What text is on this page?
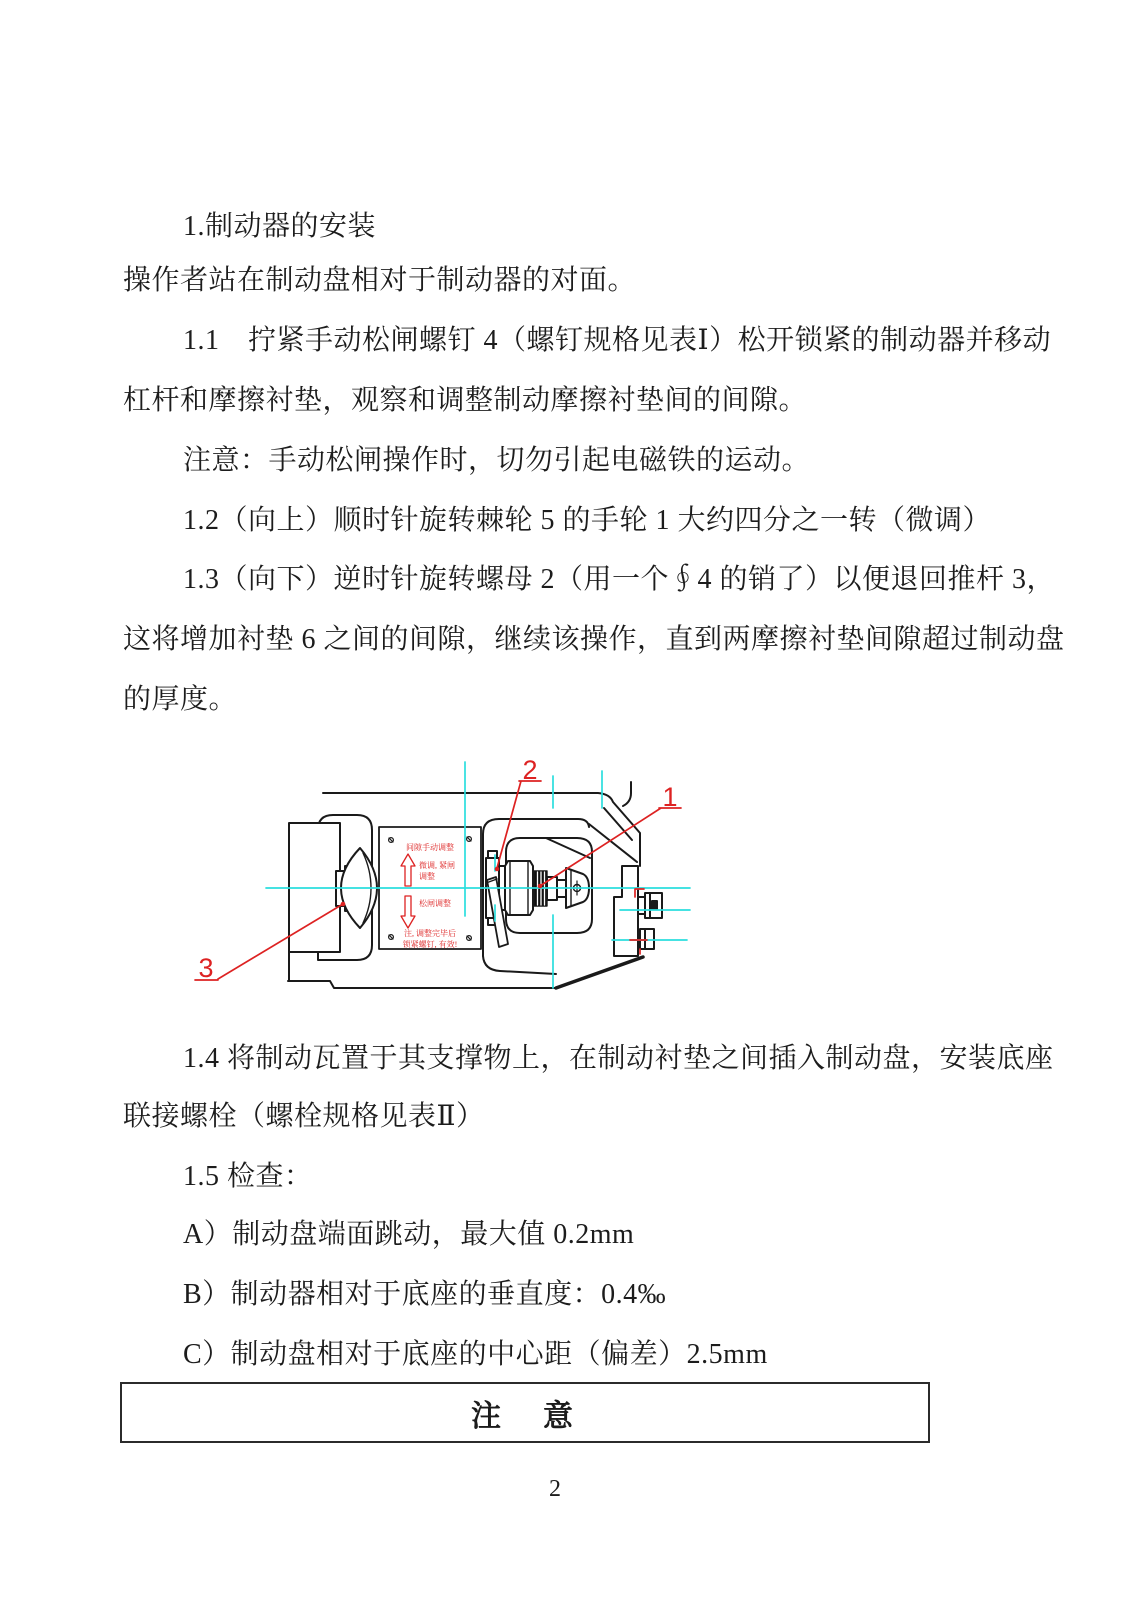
1.制动器的安装
操作者站在制动盘相对于制动器的对面。
1.1　拧紧手动松闸螺钉 4（螺钉规格见表Ⅰ）松开锁紧的制动器并移动
杠杆和摩擦衬垫，观察和调整制动摩擦衬垫间的间隙。
注意：手动松闸操作时，切勿引起电磁铁的运动。
1.2（向上）顺时针旋转棘轮 5 的手轮 1 大约四分之一转（微调）
1.3（向下）逆时针旋转螺母 2（用一个∮4 的销了）以便退回推杆 3，
这将增加衬垫 6 之间的间隙，继续该操作，直到两摩擦衬垫间隙超过制动盘
的厚度。
1.4 将制动瓦置于其支撑物上，在制动衬垫之间插入制动盘，安装底座
联接螺栓（螺栓规格见表Ⅱ）
1.5 检查：
A）制动盘端面跳动，最大值 0.2mm
B）制动器相对于底座的垂直度：0.4‰
C）制动盘相对于底座的中心距（偏差）2.5mm
间隙手动调整
微调, 紧闸
调整
松闸调整
注, 调整完毕后
锁紧螺钉, 有效!
2
1
3
注　意
2
